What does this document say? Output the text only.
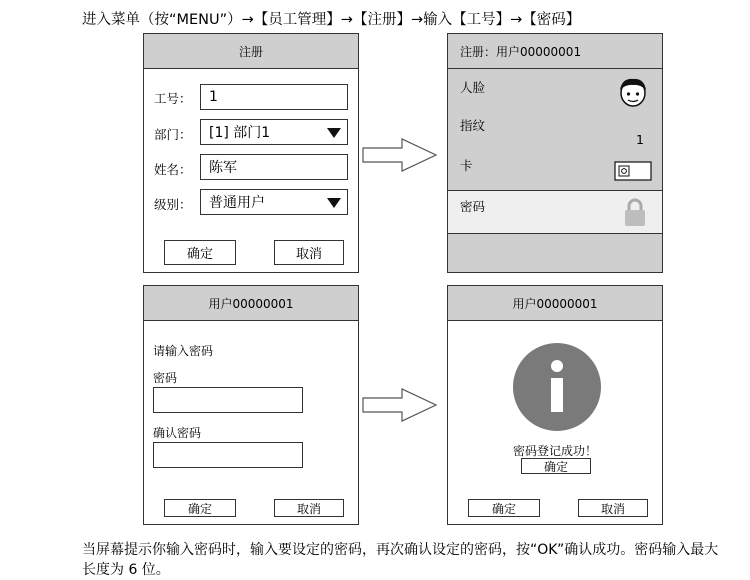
进入菜单（按“MENU”）→【员工管理】→【注册】→输入【工号】→【密码】
注册
工号：	1
部门： [1] 部门1
姓名：	陈军
级别： 普通用户
确定	取消
注册：用户00000001
人脸
指纹
1
卡
密码
用户00000001
请输入密码
密码
确认密码
确定	取消
用户00000001
密码登记成功！
确定
确定	取消
当屏幕提示你输入密码时，输入要设定的密码，再次确认设定的密码，按“OK”确认成功。密码输入最大长度为 6 位。
